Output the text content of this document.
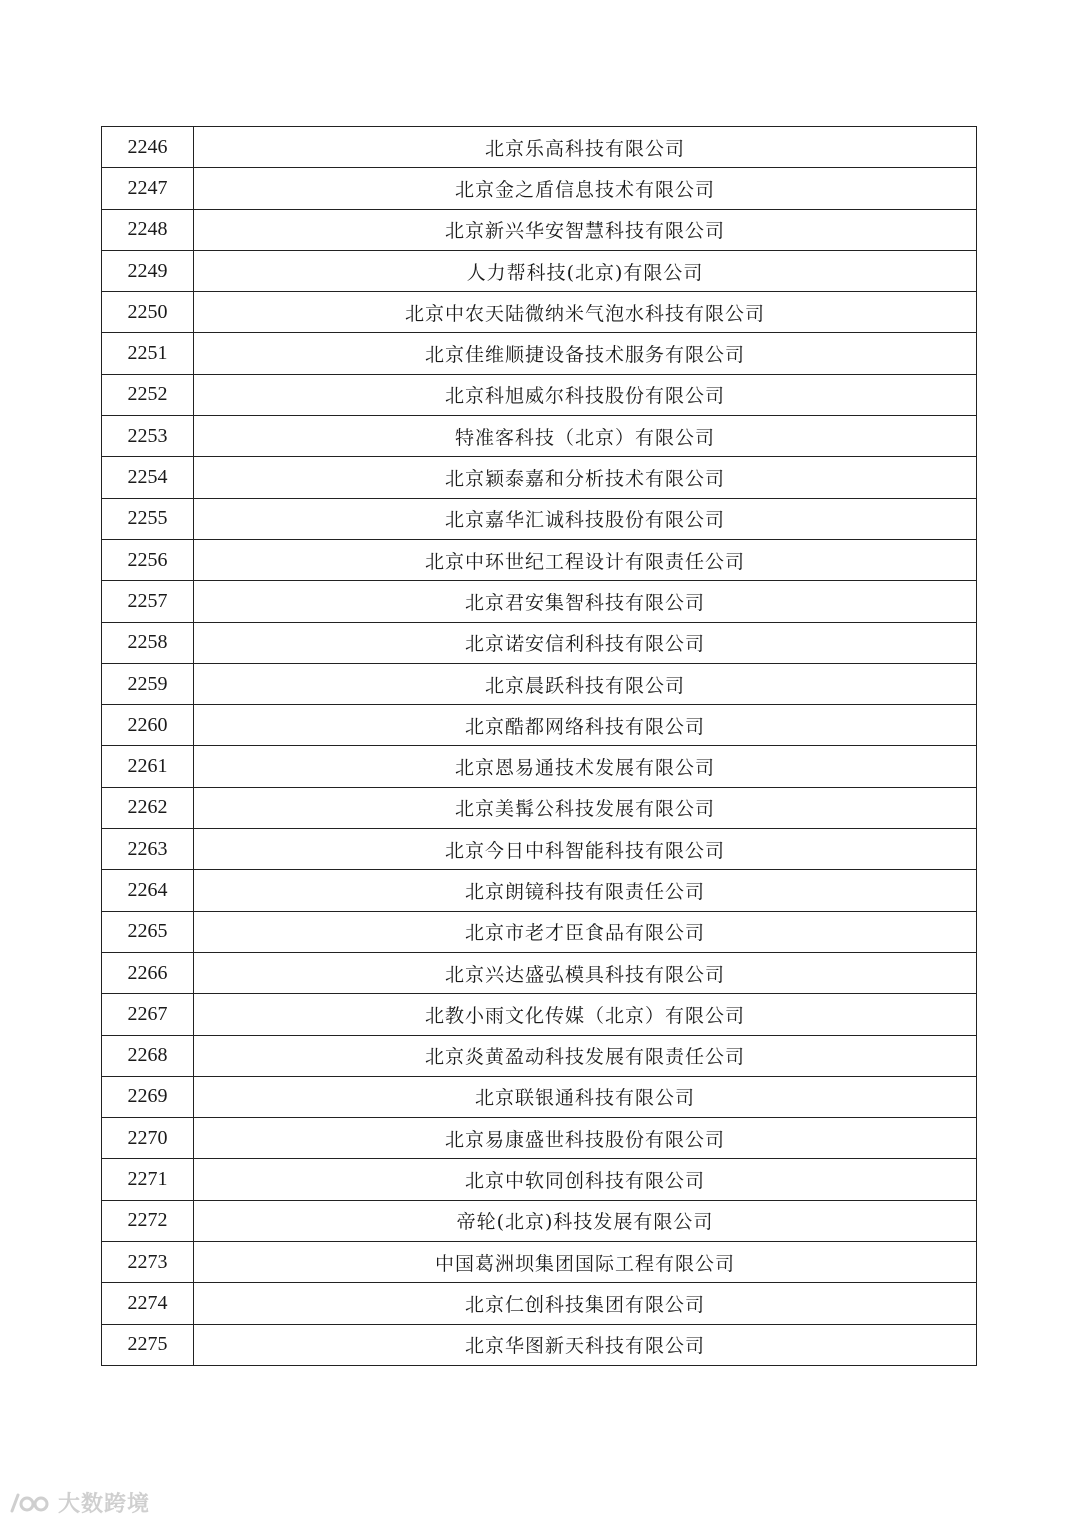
2246	北京乐高科技有限公司
2247	北京金之盾信息技术有限公司
2248	北京新兴华安智慧科技有限公司
2249	人力帮科技(北京)有限公司
2250	北京中农天陆微纳米气泡水科技有限公司
2251	北京佳维顺捷设备技术服务有限公司
2252	北京科旭威尔科技股份有限公司
2253	特准客科技（北京）有限公司
2254	北京颖泰嘉和分析技术有限公司
2255	北京嘉华汇诚科技股份有限公司
2256	北京中环世纪工程设计有限责任公司
2257	北京君安集智科技有限公司
2258	北京诺安信利科技有限公司
2259	北京晨跃科技有限公司
2260	北京酷都网络科技有限公司
2261	北京恩易通技术发展有限公司
2262	北京美髯公科技发展有限公司
2263	北京今日中科智能科技有限公司
2264	北京朗镜科技有限责任公司
2265	北京市老才臣食品有限公司
2266	北京兴达盛弘模具科技有限公司
2267	北教小雨文化传媒（北京）有限公司
2268	北京炎黄盈动科技发展有限责任公司
2269	北京联银通科技有限公司
2270	北京易康盛世科技股份有限公司
2271	北京中软同创科技有限公司
2272	帝轮(北京)科技发展有限公司
2273	中国葛洲坝集团国际工程有限公司
2274	北京仁创科技集团有限公司
2275	北京华图新天科技有限公司
大数跨境
